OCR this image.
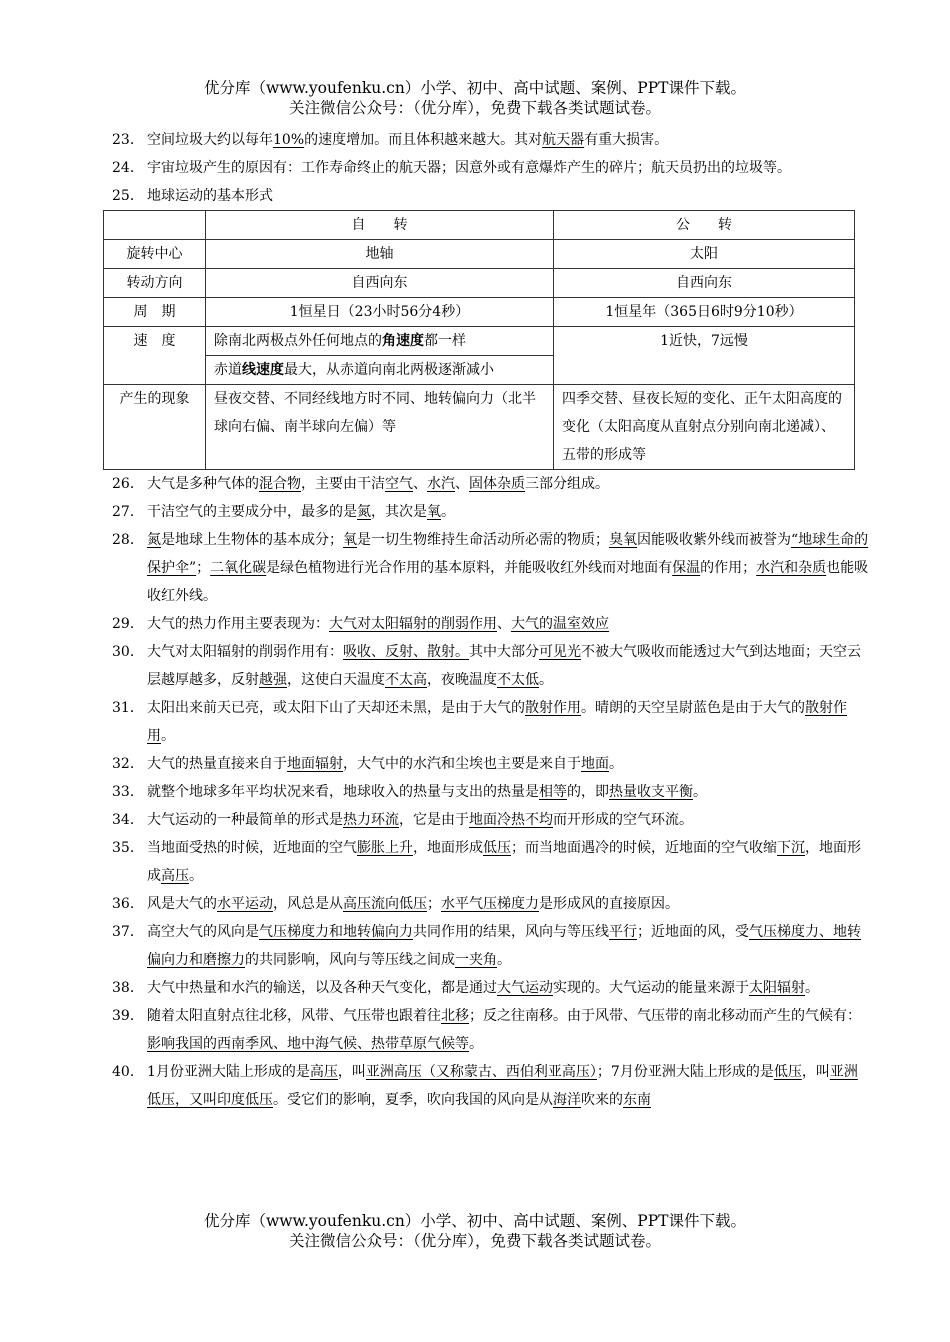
优分库（www.youfenku.cn）小学、初中、高中试题、案例、PPT课件下载。
关注微信公众号：（优分库），免费下载各类试题试卷。
23． 空间垃圾大约以每年10%的速度增加。而且体积越来越大。其对航天器有重大损害。
24． 宇宙垃圾产生的原因有：工作寿命终止的航天器；因意外或有意爆炸产生的碎片；航天员扔出的垃圾等。
25． 地球运动的基本形式
	自　　转	公　　转
旋转中心	地轴	太阳
转动方向	自西向东	自西向东
周　期	1恒星日（23小时56分4秒）	1恒星年（365日6时9分10秒）
速　度	除南北两极点外任何地点的角速度都一样	1近快，7远慢
	赤道线速度最大，从赤道向南北两极逐渐减小	
产生的现象	昼夜交替、不同经线地方时不同、地转偏向力（北半球向右偏、南半球向左偏）等	四季交替、昼夜长短的变化、正午太阳高度的变化（太阳高度从直射点分别向南北递减）、五带的形成等
26． 大气是多种气体的混合物，主要由干洁空气、水汽、固体杂质三部分组成。
27． 干洁空气的主要成分中，最多的是氮，其次是氧。
28． 氮是地球上生物体的基本成分；氧是一切生物维持生命活动所必需的物质；臭氧因能吸收紫外线而被誉为“地球生命的保护伞”；二氧化碳是绿色植物进行光合作用的基本原料，并能吸收红外线而对地面有保温的作用；水汽和杂质也能吸收红外线。
29． 大气的热力作用主要表现为：大气对太阳辐射的削弱作用、大气的温室效应
30． 大气对太阳辐射的削弱作用有：吸收、反射、散射。其中大部分可见光不被大气吸收而能透过大气到达地面；天空云层越厚越多，反射越强，这使白天温度不太高，夜晚温度不太低。
31． 太阳出来前天已亮，或太阳下山了天却还未黑，是由于大气的散射作用。晴朗的天空呈尉蓝色是由于大气的散射作用。
32． 大气的热量直接来自于地面辐射，大气中的水汽和尘埃也主要是来自于地面。
33． 就整个地球多年平均状况来看，地球收入的热量与支出的热量是相等的，即热量收支平衡。
34． 大气运动的一种最简单的形式是热力环流，它是由于地面冷热不均而开形成的空气环流。
35． 当地面受热的时候，近地面的空气膨胀上升，地面形成低压；而当地面遇冷的时候，近地面的空气收缩下沉，地面形成高压。
36． 风是大气的水平运动，风总是从高压流向低压；水平气压梯度力是形成风的直接原因。
37． 高空大气的风向是气压梯度力和地转偏向力共同作用的结果，风向与等压线平行；近地面的风，受气压梯度力、地转偏向力和磨擦力的共同影响，风向与等压线之间成一夹角。
38． 大气中热量和水汽的输送，以及各种天气变化，都是通过大气运动实现的。大气运动的能量来源于太阳辐射。
39． 随着太阳直射点往北移，风带、气压带也跟着往北移；反之往南移。由于风带、气压带的南北移动而产生的气候有：影响我国的西南季风、地中海气候、热带草原气候等。
40． 1月份亚洲大陆上形成的是高压，叫亚洲高压（又称蒙古、西伯利亚高压）；7月份亚洲大陆上形成的是低压，叫亚洲低压，又叫印度低压。受它们的影响，夏季，吹向我国的风向是从海洋吹来的东南
优分库（www.youfenku.cn）小学、初中、高中试题、案例、PPT课件下载。
关注微信公众号：（优分库），免费下载各类试题试卷。
